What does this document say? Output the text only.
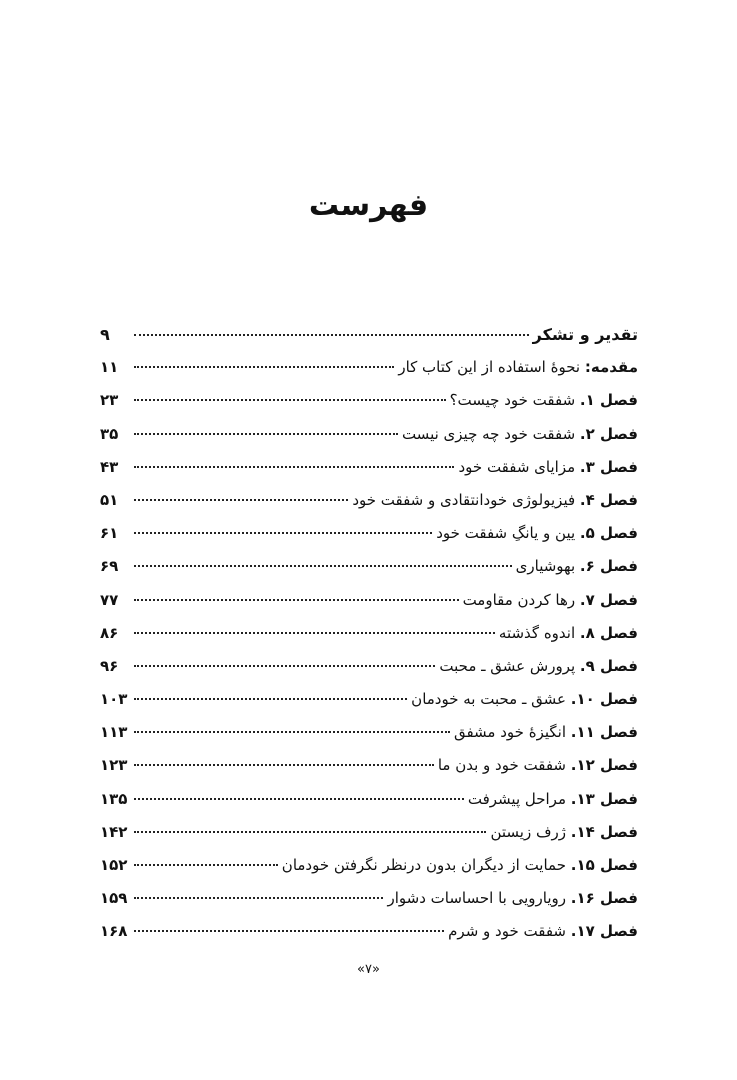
فهرست
تقدیر و تشکر
۹
مقدمه: نحوهٔ استفاده از این کتاب کار
۱۱
فصل ۱. شفقت خود چیست؟
۲۳
فصل ۲. شفقت خود چه چیزی نیست
۳۵
فصل ۳. مزایای شفقت خود
۴۳
فصل ۴. فیزیولوژی خودانتقادی و شفقت خود
۵۱
فصل ۵. یین و یانگِ شفقت خود
۶۱
فصل ۶. بهوشیاری
۶۹
فصل ۷. رها کردن مقاومت
۷۷
فصل ۸. اندوه گذشته
۸۶
فصل ۹. پرورش عشق ـ محبت
۹۶
فصل ۱۰. عشق ـ محبت به خودمان
۱۰۳
فصل ۱۱. انگیزهٔ خود مشفق
۱۱۳
فصل ۱۲. شفقت خود و بدن ما
۱۲۳
فصل ۱۳. مراحل پیشرفت
۱۳۵
فصل ۱۴. ژرف زیستن
۱۴۲
فصل ۱۵. حمایت از دیگران بدون درنظر نگرفتن خودمان
۱۵۲
فصل ۱۶. رویارویی با احساسات دشوار
۱۵۹
فصل ۱۷. شفقت خود و شرم
۱۶۸
«۷»
